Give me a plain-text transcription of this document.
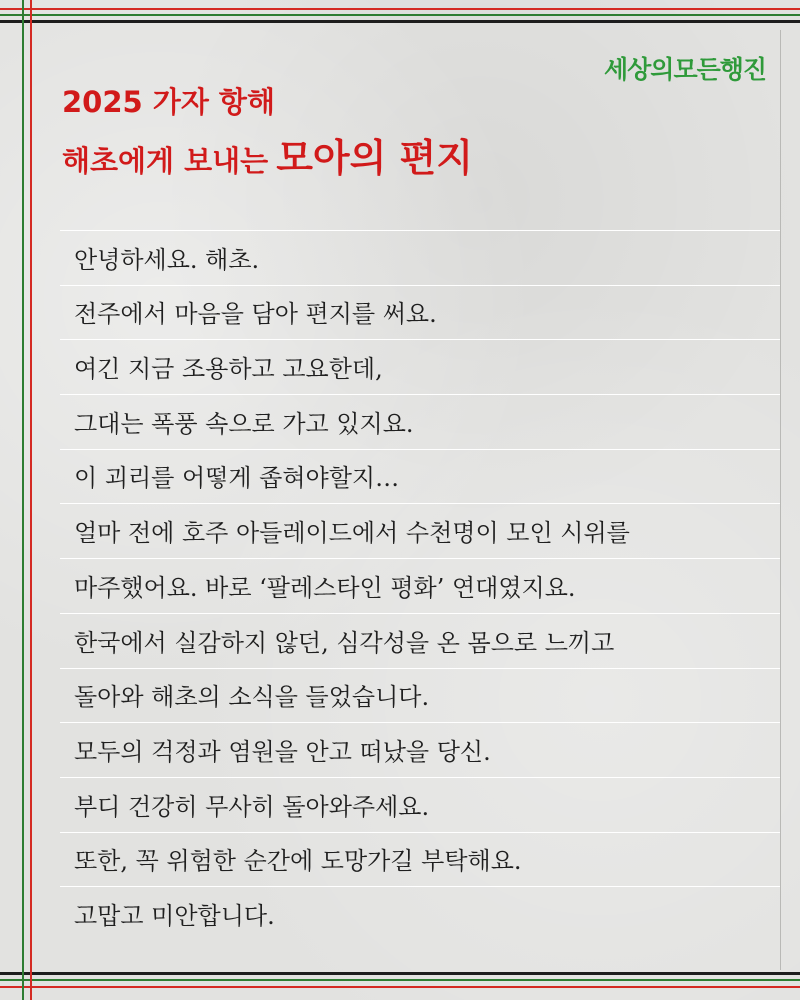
세상의모든행진
2025 가자 항해
해초에게 보내는 모아의 편지
안녕하세요. 해초.
전주에서 마음을 담아 편지를 써요.
여긴 지금 조용하고 고요한데,
그대는 폭풍 속으로 가고 있지요.
이 괴리를 어떻게 좁혀야할지…
얼마 전에 호주 아들레이드에서 수천명이 모인 시위를
마주했어요. 바로 ‘팔레스타인 평화’ 연대였지요.
한국에서 실감하지 않던, 심각성을 온 몸으로 느끼고
돌아와 해초의 소식을 들었습니다.
모두의 걱정과 염원을 안고 떠났을 당신.
부디 건강히 무사히 돌아와주세요.
또한, 꼭 위험한 순간에 도망가길 부탁해요.
고맙고 미안합니다.
